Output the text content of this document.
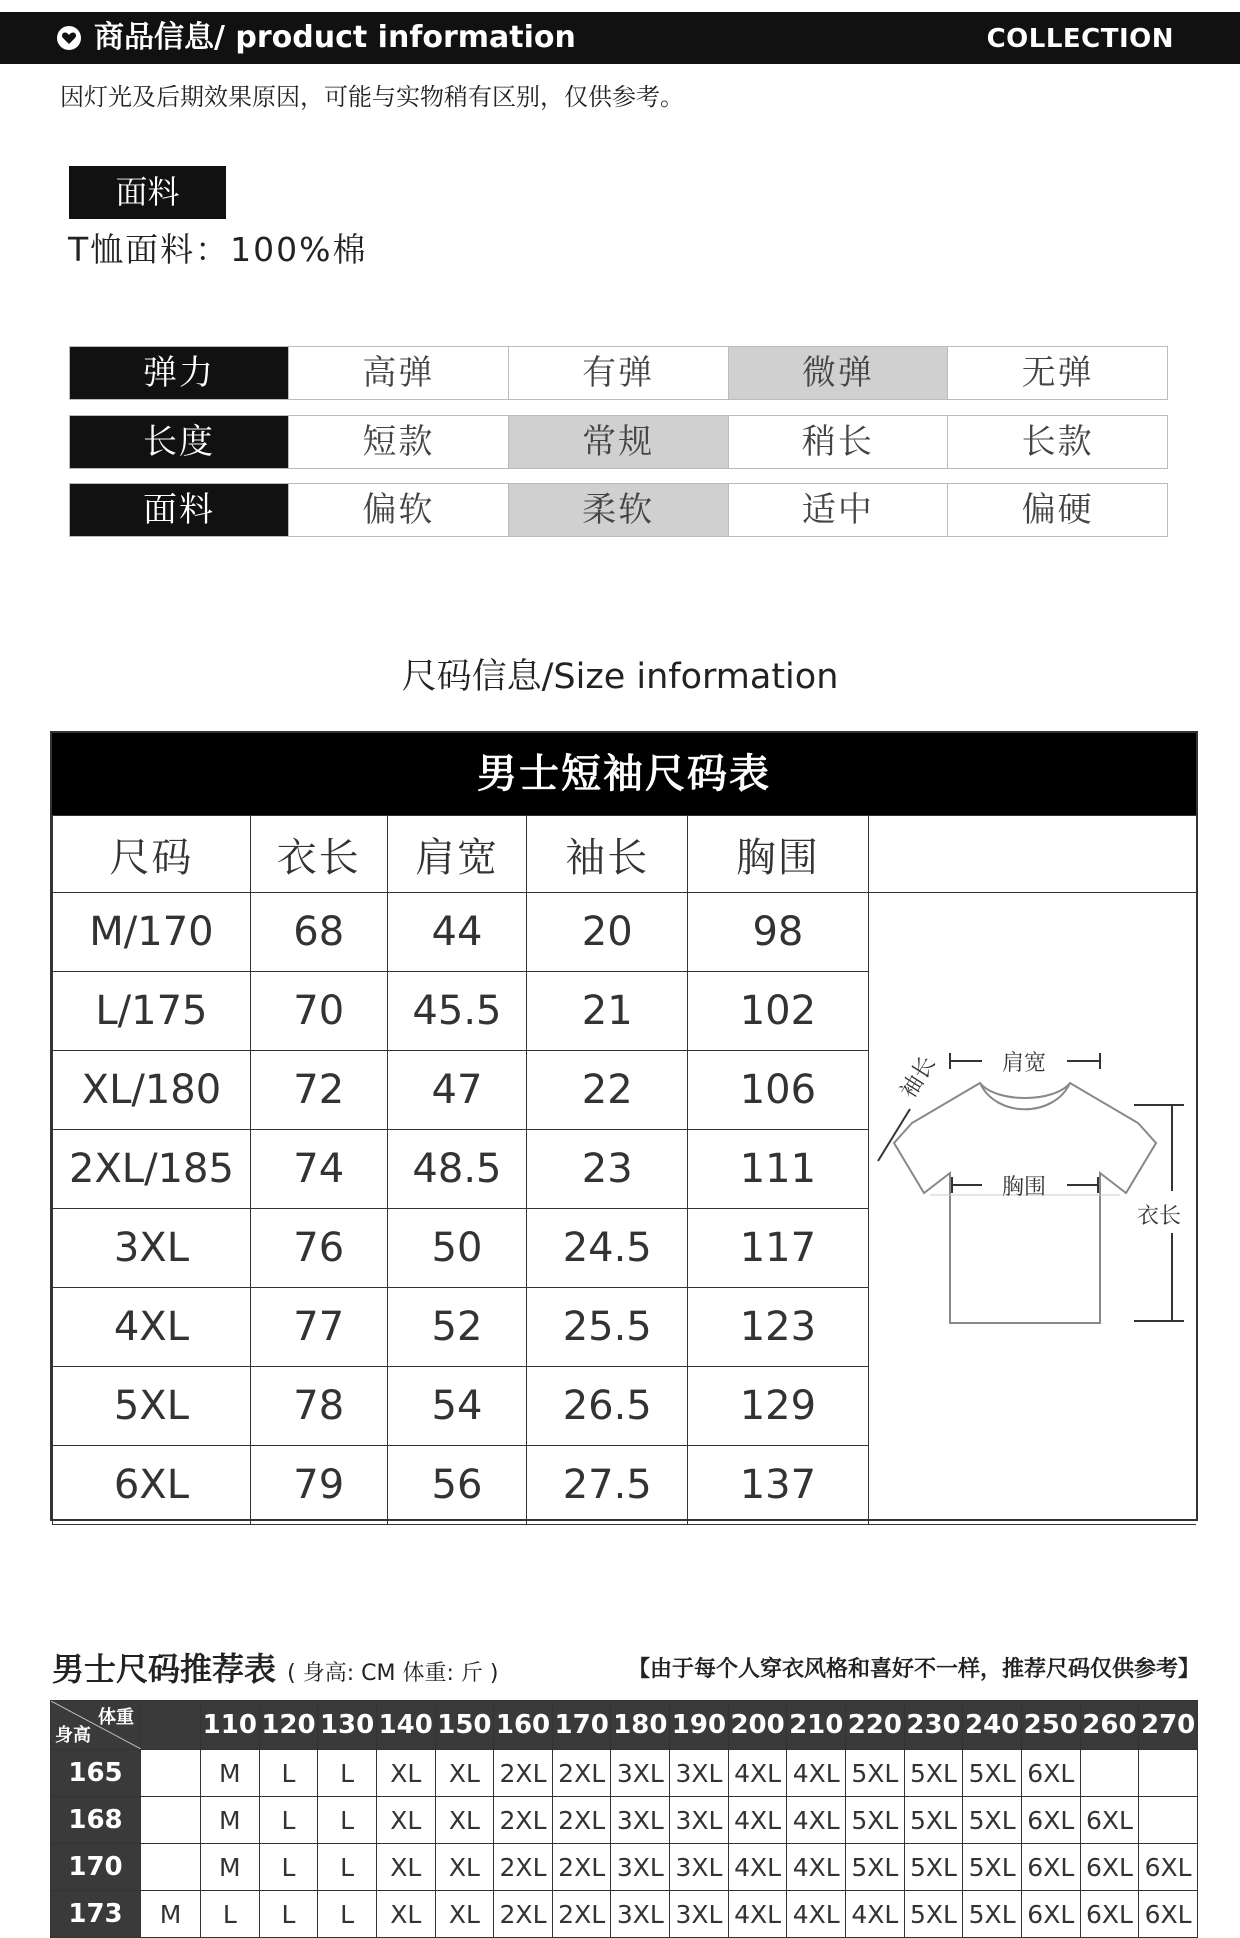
商品信息/ product information	COLLECTION
因灯光及后期效果原因，可能与实物稍有区别，仅供参考。
面料
T恤面料：100%棉
弹力	高弹	有弹	微弹	无弹
长度	短款	常规	稍长	长款
面料	偏软	柔软	适中	偏硬
尺码信息/Size information
男士短袖尺码表
尺码	衣长	肩宽	袖长	胸围	
M/170	68	44	20	98	
L/175	70	45.5	21	102	
XL/180	72	47	22	106	
2XL/185	74	48.5	23	111	
3XL	76	50	24.5	117	
4XL	77	52	25.5	123	
5XL	78	54	26.5	129	
6XL	79	56	27.5	137	
肩宽
胸围
衣长
袖长
男士尺码推荐表 ( 身高: CM 体重: 斤 )	【由于每个人穿衣风格和喜好不一样，推荐尺码仅供参考】
体重
身高		110	120	130	140	150	160	170	180	190	200	210	220	230	240	250	260	270
165		M	L	L	XL	XL	2XL	2XL	3XL	3XL	4XL	4XL	5XL	5XL	5XL	6XL		
168		M	L	L	XL	XL	2XL	2XL	3XL	3XL	4XL	4XL	5XL	5XL	5XL	6XL	6XL	
170		M	L	L	XL	XL	2XL	2XL	3XL	3XL	4XL	4XL	5XL	5XL	5XL	6XL	6XL	6XL
173	M	L	L	L	XL	XL	2XL	2XL	3XL	3XL	4XL	4XL	4XL	5XL	5XL	6XL	6XL	6XL
